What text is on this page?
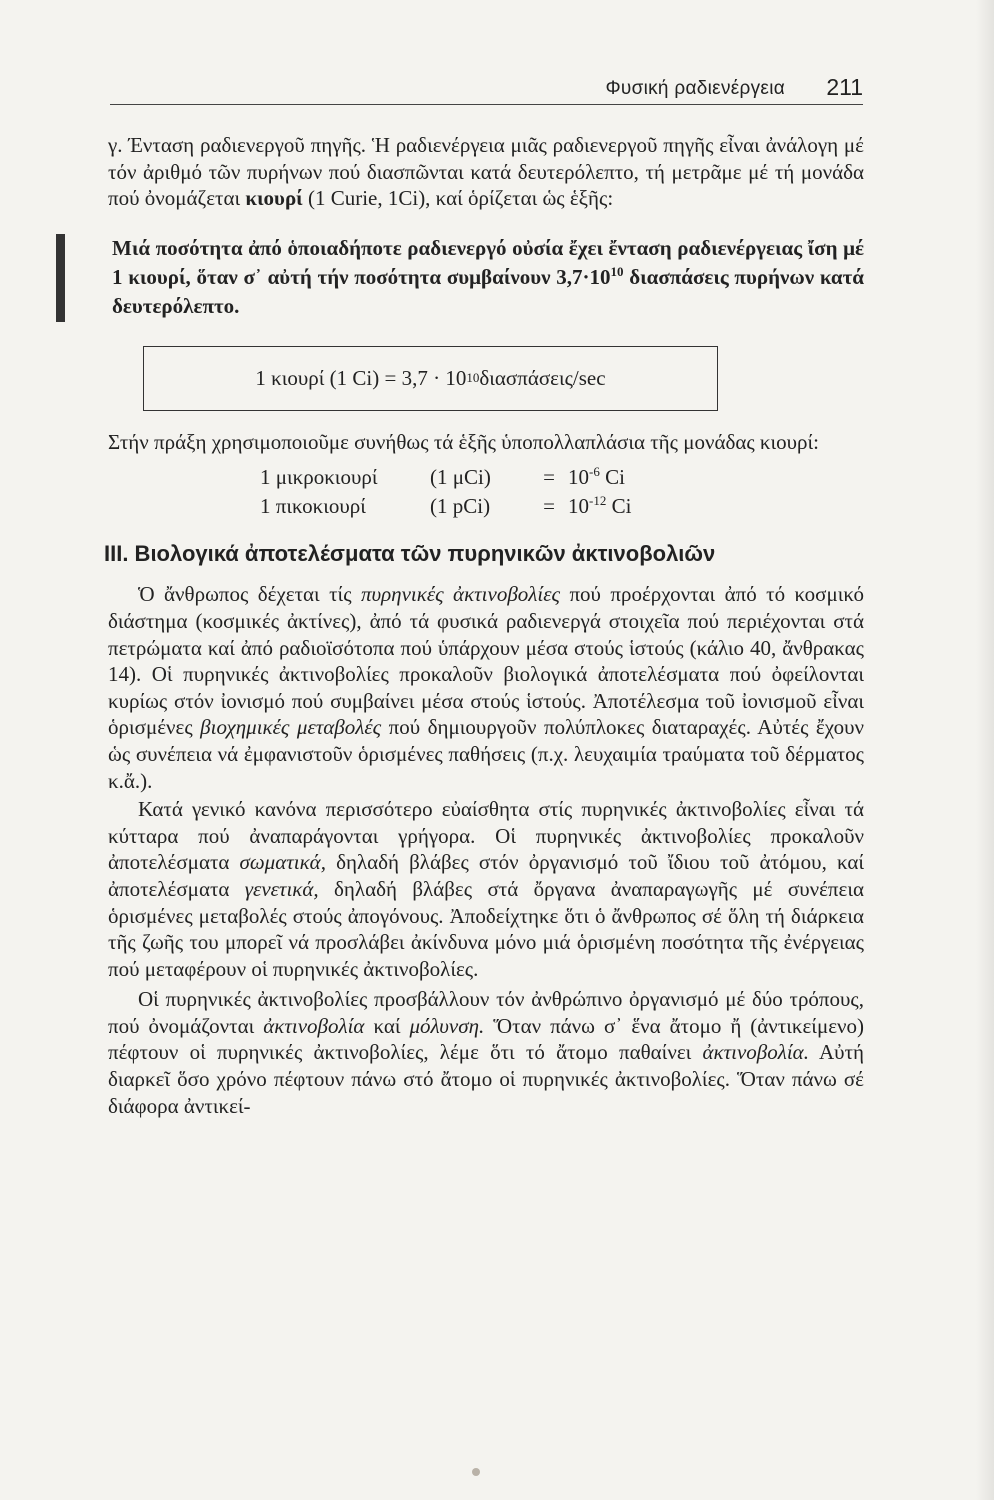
Φυσική ραδιενέργεια 211

γ. Ένταση ραδιενεργοῦ πηγῆς. Ἡ ραδιενέργεια μιᾶς ραδιενεργοῦ πηγῆς εἶναι ἀνάλογη μέ τόν ἀριθμό τῶν πυρήνων πού διασπῶνται κατά δευτερόλεπτο, τή μετρᾶμε μέ τή μονάδα πού ὀνομάζεται κιουρί (1 Curie, 1Ci), καί ὁρίζεται ὡς ἑξῆς:

Μιά ποσότητα ἀπό ὁποιαδήποτε ραδιενεργό οὐσία ἔχει ἔνταση ραδιενέργειας ἴση μέ 1 κιουρί, ὅταν σ᾽ αὐτή τήν ποσότητα συμβαίνουν $3,7\cdot 10^{10}$ διασπάσεις πυρήνων κατά δευτερόλεπτο.

1 κιουρί (1 Ci) = 3,7 · 10 10 διασπάσεις/sec

Στήν πράξη χρησιμοποιοῦμε συνήθως τά ἑξῆς ὑποπολλαπλάσια τῆς μονάδας κιουρί:

1 μικροκιουρί	(1 μCi)	= $10^{-6}$ Ci
1 πικοκιουρί	(1 pCi)	= $10^{-12}$ Ci
III. Βιολογικά ἀποτελέσματα τῶν πυρηνικῶν ἀκτινοβολιῶν

Ὁ ἄνθρωπος δέχεται τίς πυρηνικές ἀκτινοβολίες πού προέρχονται ἀπό τό κοσμικό διάστημα (κοσμικές ἀκτίνες), ἀπό τά φυσικά ραδιενεργά στοιχεῖα πού περιέχονται στά πετρώματα καί ἀπό ραδιοϊσότοπα πού ὑπάρχουν μέσα στούς ἱστούς (κάλιο 40, ἄνθρακας 14). Οἱ πυρηνικές ἀκτινοβολίες προκαλοῦν βιολογικά ἀποτελέσματα πού ὀφείλονται κυρίως στόν ἰονισμό πού συμβαίνει μέσα στούς ἱστούς. Ἀποτέλεσμα τοῦ ἰονισμοῦ εἶναι ὁρισμένες βιοχημικές μεταβολές πού δημιουργοῦν πολύπλοκες διαταραχές. Αὐτές ἔχουν ὡς συνέπεια νά ἐμφανιστοῦν ὁρισμένες παθήσεις (π.χ. λευχαιμία τραύματα τοῦ δέρματος κ.ἄ.).

Κατά γενικό κανόνα περισσότερο εὐαίσθητα στίς πυρηνικές ἀκτινοβολίες εἶναι τά κύτταρα πού ἀναπαράγονται γρήγορα. Οἱ πυρηνικές ἀκτινοβολίες προκαλοῦν ἀποτελέσματα σωματικά, δηλαδή βλάβες στόν ὀργανισμό τοῦ ἴδιου τοῦ ἀτόμου, καί ἀποτελέσματα γενετικά, δηλαδή βλάβες στά ὄργανα ἀναπαραγωγῆς μέ συνέπεια ὁρισμένες μεταβολές στούς ἀπογόνους. Ἀποδείχτηκε ὅτι ὁ ἄνθρωπος σέ ὅλη τή διάρκεια τῆς ζωῆς του μπορεῖ νά προσλάβει ἀκίνδυνα μόνο μιά ὁρισμένη ποσότητα τῆς ἐνέργειας πού μεταφέρουν οἱ πυρηνικές ἀκτινοβολίες.

Οἱ πυρηνικές ἀκτινοβολίες προσβάλλουν τόν ἀνθρώπινο ὀργανισμό μέ δύο τρόπους, πού ὀνομάζονται ἀκτινοβολία καί μόλυνση. Ὅταν πάνω σ᾽ ἕνα ἄτομο ἤ (ἀντικείμενο) πέφτουν οἱ πυρηνικές ἀκτινοβολίες, λέμε ὅτι τό ἄτομο παθαίνει ἀκτινοβολία. Αὐτή διαρκεῖ ὅσο χρόνο πέφτουν πάνω στό ἄτομο οἱ πυρηνικές ἀκτινοβολίες. Ὅταν πάνω σέ διάφορα ἀντικεί-
